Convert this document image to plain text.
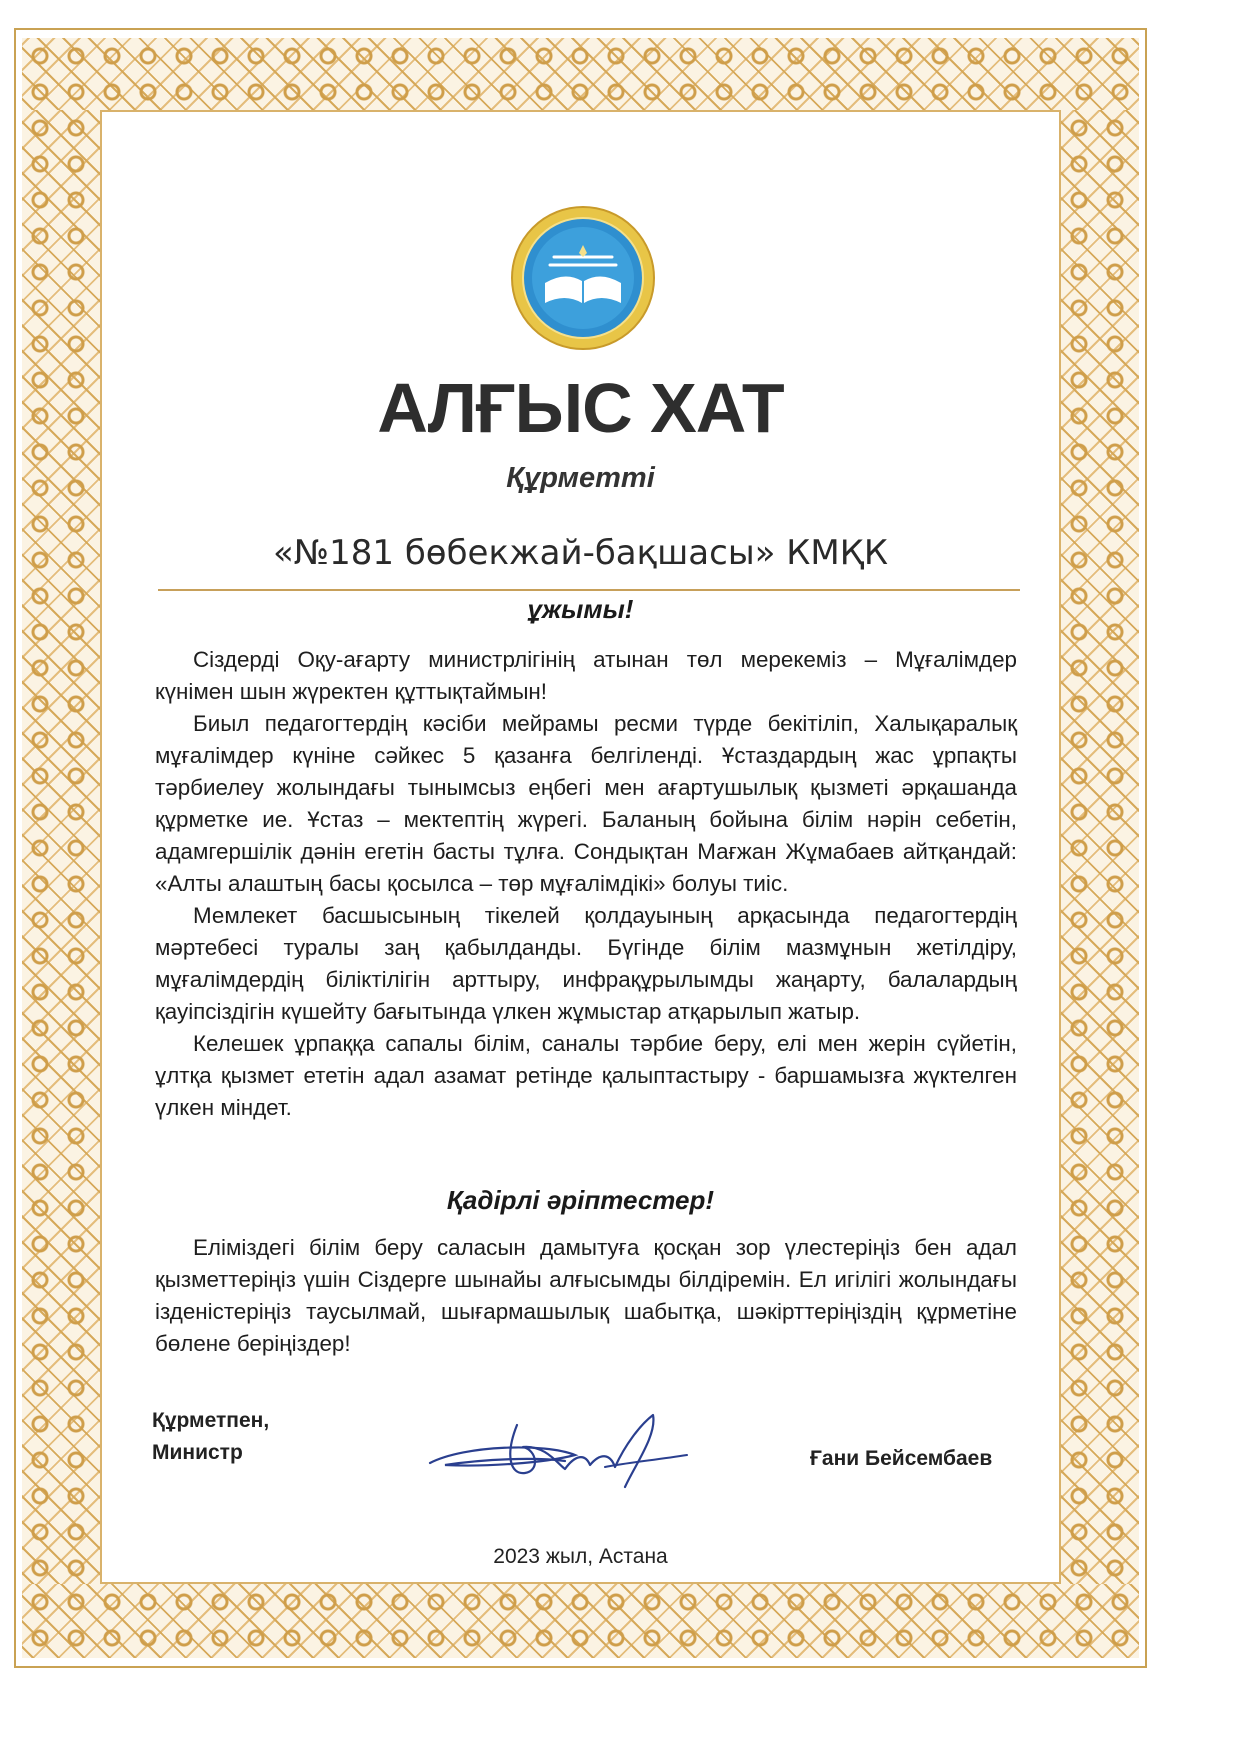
АЛҒЫС ХАТ
Құрметті
«№181 бөбекжай-бақшасы» КМҚК
ұжымы!

Сіздерді Оқу-ағарту министрлігінің атынан төл мерекеміз – Мұғалімдер күнімен шын жүректен құттықтаймын!

Биыл педагогтердің кәсіби мейрамы ресми түрде бекітіліп, Халықаралық мұғалімдер күніне сәйкес 5 қазанға белгіленді. Ұстаздардың жас ұрпақты тәрбиелеу жолындағы тынымсыз еңбегі мен ағартушылық қызметі әрқашанда құрметке ие. Ұстаз – мектептің жүрегі. Баланың бойына білім нәрін себетін, адамгершілік дәнін егетін басты тұлға. Сондықтан Мағжан Жұмабаев айтқандай: «Алты алаштың басы қосылса – төр мұғалімдікі» болуы тиіс.

Мемлекет басшысының тікелей қолдауының арқасында педагогтердің мәртебесі туралы заң қабылданды. Бүгінде білім мазмұнын жетілдіру, мұғалімдердің біліктілігін арттыру, инфрақұрылымды жаңарту, балалардың қауіпсіздігін күшейту бағытында үлкен жұмыстар атқарылып жатыр.

Келешек ұрпаққа сапалы білім, саналы тәрбие беру, елі мен жерін сүйетін, ұлтқа қызмет ететін адал азамат ретінде қалыптастыру - баршамызға жүктелген үлкен міндет.

Қадірлі әріптестер!

Еліміздегі білім беру саласын дамытуға қосқан зор үлестеріңіз бен адал қызметтеріңіз үшін Сіздерге шынайы алғысымды білдіремін. Ел игілігі жолындағы ізденістеріңіз таусылмай, шығармашылық шабытқа, шәкірттеріңіздің құрметіне бөлене беріңіздер!

Құрметпен,
Министр	Ғани Бейсембаев
2023 жыл, Астана
